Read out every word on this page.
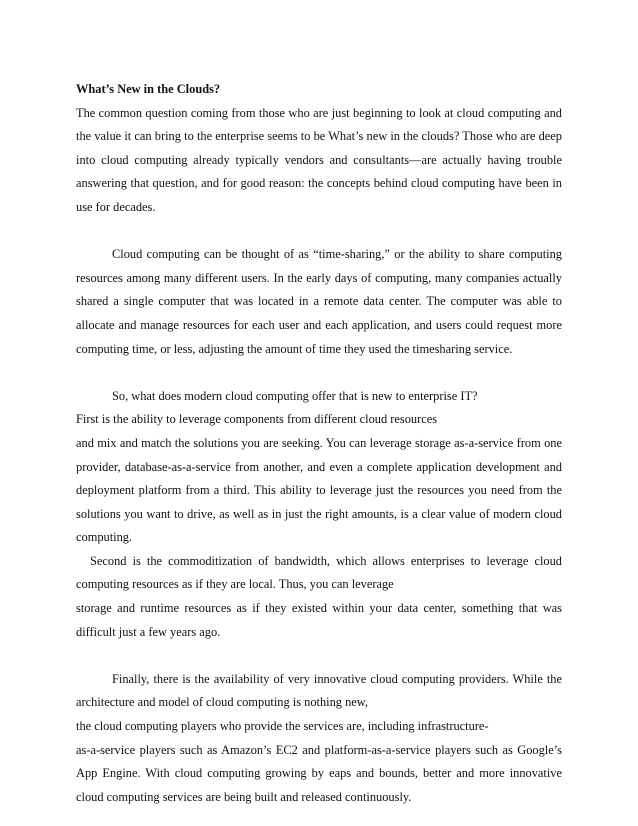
What’s New in the Clouds?

The common question coming from those who are just beginning to look at cloud computing and the value it can bring to the enterprise seems to be What’s new in the clouds? Those who are deep into cloud computing already typically vendors and consultants—are actually having trouble answering that question, and for good reason: the concepts behind cloud computing have been in use for decades.

Cloud computing can be thought of as “time-sharing,” or the ability to share computing resources among many different users. In the early days of computing, many companies actually shared a single computer that was located in a remote data center. The computer was able to allocate and manage resources for each user and each application, and users could request more computing time, or less, adjusting the amount of time they used the timesharing service.

So, what does modern cloud computing offer that is new to enterprise IT?

First is the ability to leverage components from different cloud resources

and mix and match the solutions you are seeking. You can leverage storage as-a-service from one provider, database-as-a-service from another, and even a complete application development and deployment platform from a third. This ability to leverage just the resources you need from the solutions you want to drive, as well as in just the right amounts, is a clear value of modern cloud computing.

Second is the commoditization of bandwidth, which allows enterprises to leverage cloud computing resources as if they are local. Thus, you can leverage

storage and runtime resources as if they existed within your data center, something that was difficult just a few years ago.

Finally, there is the availability of very innovative cloud computing providers. While the architecture and model of cloud computing is nothing new,

the cloud computing players who provide the services are, including infrastructure-

as-a-service players such as Amazon’s EC2 and platform-as-a-service players such as Google’s App Engine. With cloud computing growing by eaps and bounds, better and more innovative cloud computing services are being built and released continuously.
